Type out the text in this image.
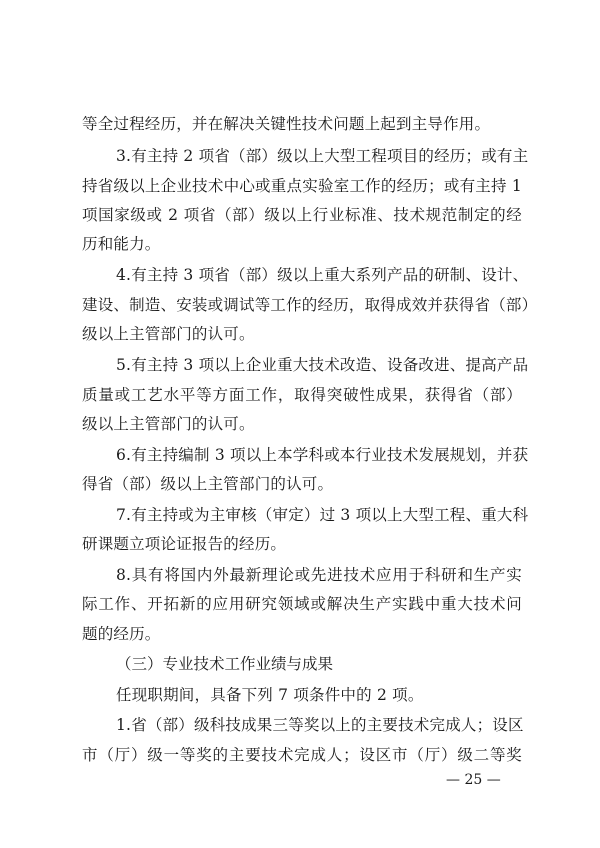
等全过程经历，并在解决关键性技术问题上起到主导作用。
3.有主持 2 项省（部）级以上大型工程项目的经历；或有主
持省级以上企业技术中心或重点实验室工作的经历；或有主持 1
项国家级或 2 项省（部）级以上行业标准、技术规范制定的经
历和能力。
4.有主持 3 项省（部）级以上重大系列产品的研制、设计、
建设、制造、安装或调试等工作的经历，取得成效并获得省（部）
级以上主管部门的认可。
5.有主持 3 项以上企业重大技术改造、设备改进、提高产品
质量或工艺水平等方面工作，取得突破性成果，获得省（部）
级以上主管部门的认可。
6.有主持编制 3 项以上本学科或本行业技术发展规划，并获
得省（部）级以上主管部门的认可。
7.有主持或为主审核（审定）过 3 项以上大型工程、重大科
研课题立项论证报告的经历。
8.具有将国内外最新理论或先进技术应用于科研和生产实
际工作、开拓新的应用研究领域或解决生产实践中重大技术问
题的经历。
（三）专业技术工作业绩与成果
任现职期间，具备下列 7 项条件中的 2 项。
1.省（部）级科技成果三等奖以上的主要技术完成人；设区
市（厅）级一等奖的主要技术完成人；设区市（厅）级二等奖
— 25 —
